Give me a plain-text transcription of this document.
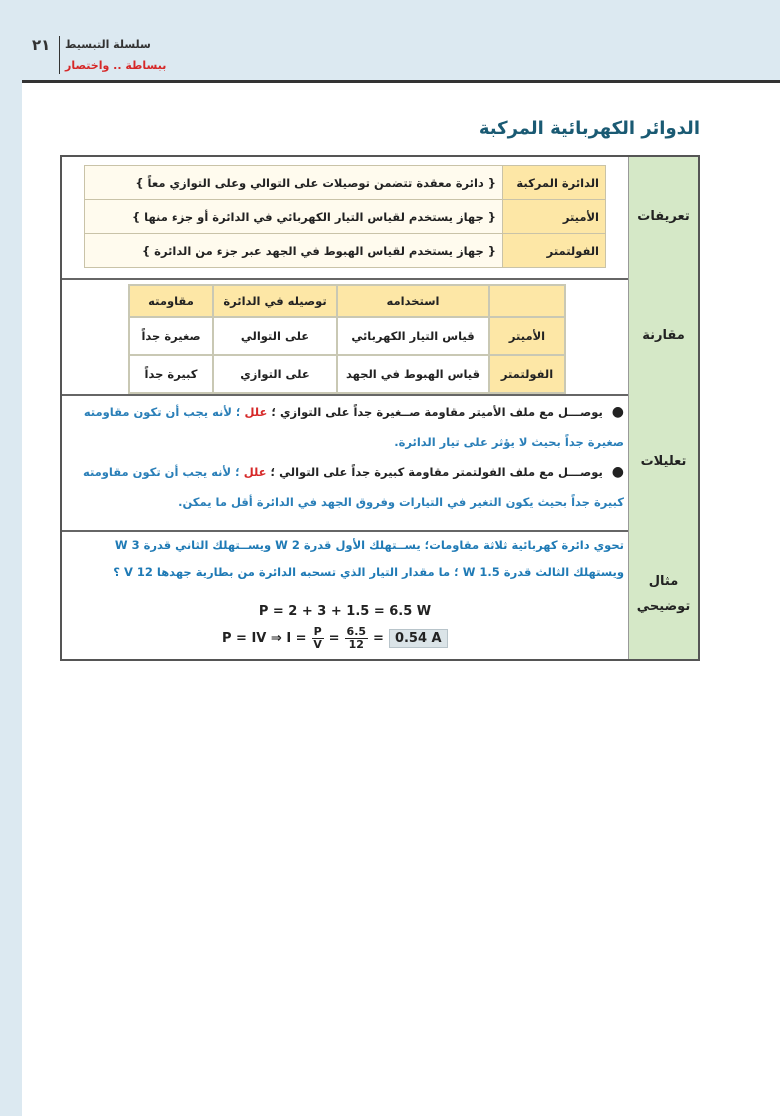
٢١ سلسلة التبسيط
ببساطة .. واختصار
الدوائر الكهربائية المركبة
تعريفات
الدائرة المركبة	{ دائرة معقدة تتضمن توصيلات على التوالي وعلى التوازي معاً }
الأميتر	{ جهاز يستخدم لقياس التيار الكهربائي في الدائرة أو جزء منها }
الفولتمتر	{ جهاز يستخدم لقياس الهبوط في الجهد عبر جزء من الدائرة }
مقارنة
	استخدامه	توصيله في الدائرة	مقاومته
الأميتر	قياس التيار الكهربائي	على التوالي	صغيرة جداً
الفولتمتر	قياس الهبوط في الجهد	على التوازي	كبيرة جداً
تعليلات

● يوصـــل مع ملف الأميتر مقاومة صــغيرة جداً على التوازي ؛ علل ؛ لأنه يجب أن تكون مقاومته صغيرة جداً بحيث لا يؤثر على تيار الدائرة.

● يوصـــل مع ملف الفولتمتر مقاومة كبيرة جداً على التوالي ؛ علل ؛ لأنه يجب أن تكون مقاومته كبيرة جداً بحيث يكون التغير في التيارات وفروق الجهد في الدائرة أقل ما يمكن.

مثال توضيحي

تحوي دائرة كهربائية ثلاثة مقاومات؛ يســتهلك الأول قدرة 2 W ويســتهلك الثاني قدرة 3 W

ويستهلك الثالث قدرة 1.5 W ؛ ما مقدار التيار الذي تسحبه الدائرة من بطارية جهدها 12 V ؟

P = 2 + 3 + 1.5 = 6.5 W
P = IV ⇒ $I = \frac{P}{V} = \frac{6.5}{12} = 0.54$ A
